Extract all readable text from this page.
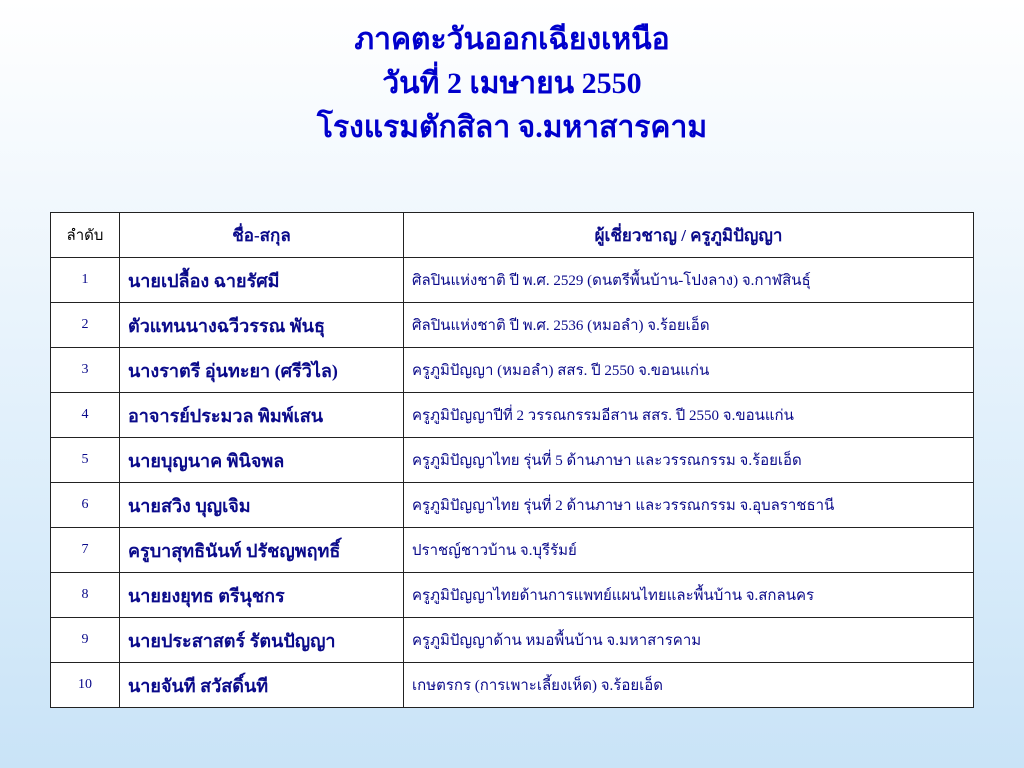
ภาคตะวันออกเฉียงเหนือ
วันที่ 2 เมษายน 2550
โรงแรมตักสิลา จ.มหาสารคาม
ลำดับ	ชื่อ-สกุล	ผู้เชี่ยวชาญ / ครูภูมิปัญญา
1	นายเปลื้อง ฉายรัศมี	ศิลปินแห่งชาติ ปี พ.ศ. 2529 (ดนตรีพื้นบ้าน-โปงลาง) จ.กาฬสินธุ์
2	ตัวแทนนางฉวีวรรณ พันธุ	ศิลปินแห่งชาติ ปี พ.ศ. 2536 (หมอลำ) จ.ร้อยเอ็ด
3	นางราตรี อุ่นทะยา (ศรีวิไล)	ครูภูมิปัญญา (หมอลำ) สสร. ปี 2550 จ.ขอนแก่น
4	อาจารย์ประมวล พิมพ์เสน	ครูภูมิปัญญาปีที่ 2 วรรณกรรมอีสาน สสร. ปี 2550 จ.ขอนแก่น
5	นายบุญนาค พินิจพล	ครูภูมิปัญญาไทย รุ่นที่ 5 ด้านภาษา และวรรณกรรม จ.ร้อยเอ็ด
6	นายสวิง บุญเจิม	ครูภูมิปัญญาไทย รุ่นที่ 2 ด้านภาษา และวรรณกรรม จ.อุบลราชธานี
7	ครูบาสุทธินันท์ ปรัชญพฤทธิ์	ปราชญ์ชาวบ้าน จ.บุรีรัมย์
8	นายยงยุทธ ตรีนุชกร	ครูภูมิปัญญาไทยด้านการแพทย์แผนไทยและพื้นบ้าน จ.สกลนคร
9	นายประสาสตร์ รัตนปัญญา	ครูภูมิปัญญาด้าน หมอพื้นบ้าน จ.มหาสารคาม
10	นายจันที สวัสดิ์นที	เกษตรกร (การเพาะเลี้ยงเห็ด) จ.ร้อยเอ็ด
